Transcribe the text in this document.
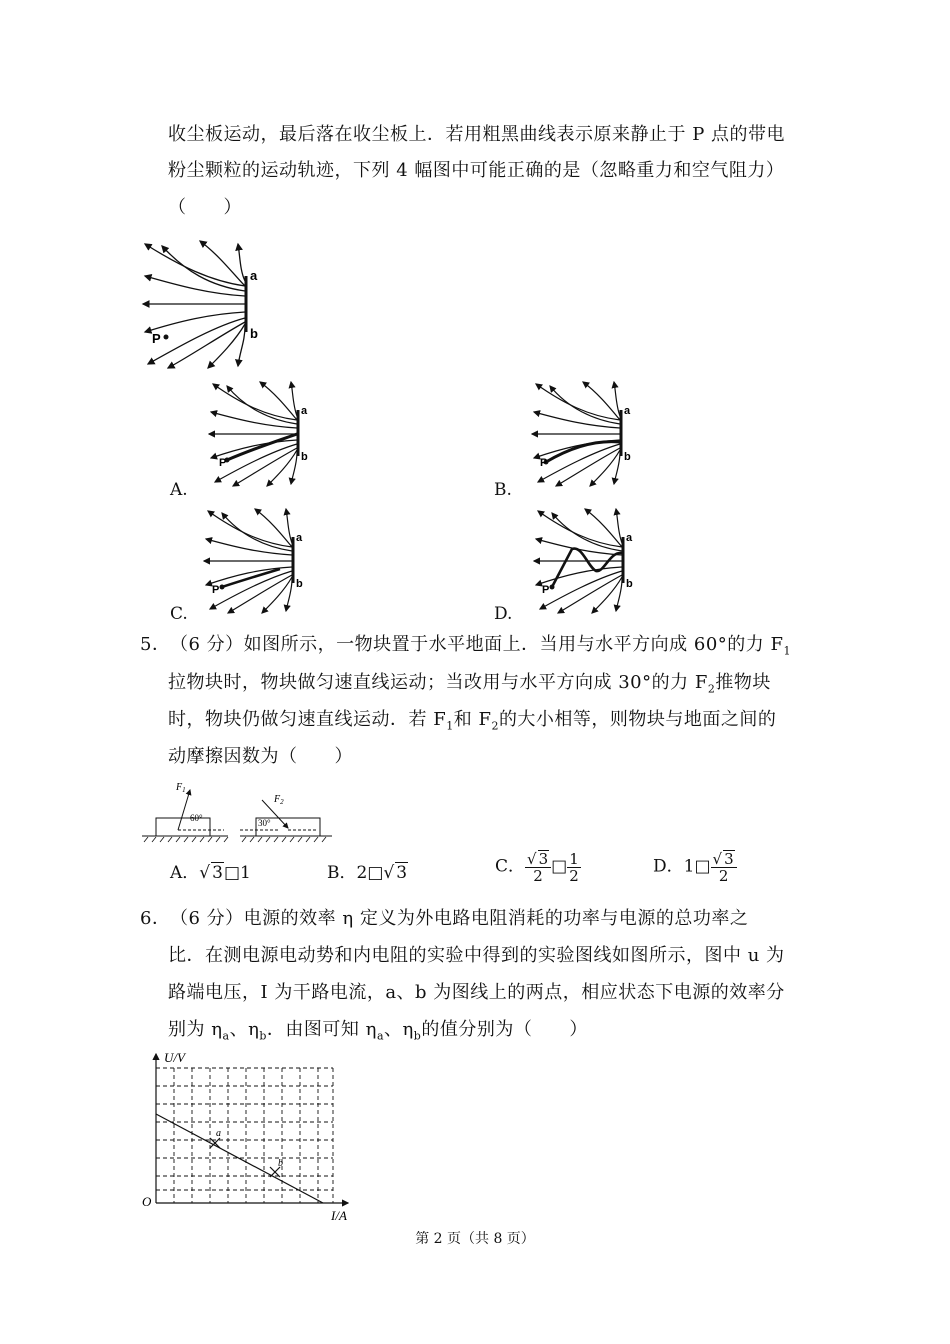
收尘板运动，最后落在收尘板上．若用粗黑曲线表示原来静止于 P 点的带电
粉尘颗粒的运动轨迹，下列 4 幅图中可能正确的是（忽略重力和空气阻力）
（　　）
a
b
P
a
b
P
A.
a
b
P
B.
a
b
P
C.
a
b
P
D.
5． （6 分）如图所示，一物块置于水平地面上．当用与水平方向成 60°的力 $F_1$
拉物块时，物块做匀速直线运动；当改用与水平方向成 30°的力 $F_2$推物块
时，物块仍做匀速直线运动．若 $F_1$和 $F_2$的大小相等，则物块与地面之间的
动摩擦因数为（　　）
$F_1$
$F_2$
60°	30°
A．√ 3□1	B．2□√ 3	C． $\frac{√ 3}{2}$ □ $\frac{1}{2}$	D．1□ $\frac{√ 3}{2}$
6． （6 分）电源的效率 η 定义为外电路电阻消耗的功率与电源的总功率之
比．在测电源电动势和内电阻的实验中得到的实验图线如图所示，图中 u 为
路端电压，I 为干路电流，a、b 为图线上的两点，相应状态下电源的效率分
别为 $\eta_a$、$\eta_b$．由图可知 $\eta_a$、$\eta_b$的值分别为（　　）
U/V
I/A
O
a
b
第 2 页（共 8 页）
